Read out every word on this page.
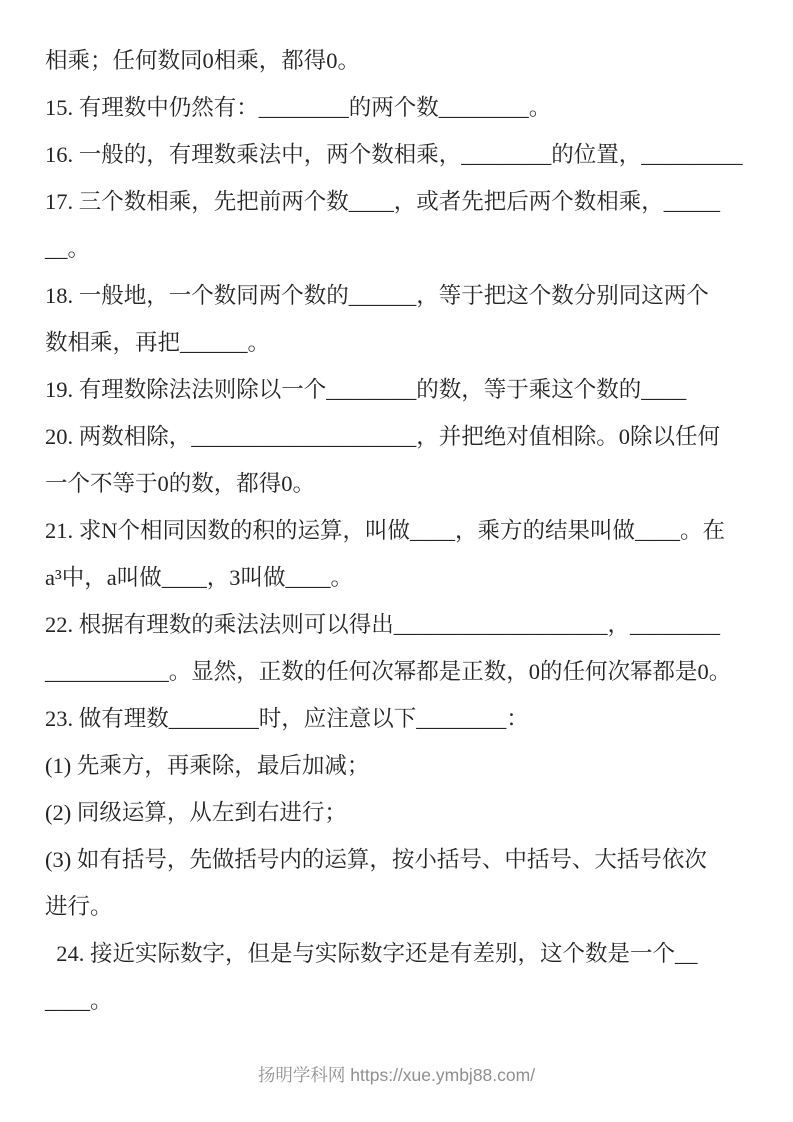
相乘；任何数同0相乘，都得0。
15. 有理数中仍然有：________的两个数________。
16. 一般的，有理数乘法中，两个数相乘，________的位置，_________
17. 三个数相乘，先把前两个数____，或者先把后两个数相乘，_____
__。
18. 一般地，一个数同两个数的______，等于把这个数分别同这两个
数相乘，再把______。
19. 有理数除法法则除以一个________的数，等于乘这个数的____
20. 两数相除，____________________，并把绝对值相除。0除以任何
一个不等于0的数，都得0。
21. 求N个相同因数的积的运算，叫做____，乘方的结果叫做____。在
a³中，a叫做____，3叫做____。
22. 根据有理数的乘法法则可以得出___________________，________
___________。显然，正数的任何次幂都是正数，0的任何次幂都是0。
23. 做有理数________时，应注意以下________：
(1) 先乘方，再乘除，最后加减；
(2) 同级运算，从左到右进行；
(3) 如有括号，先做括号内的运算，按小括号、中括号、大括号依次
进行。
24. 接近实际数字，但是与实际数字还是有差别，这个数是一个__
____。
扬明学科网 https://xue.ymbj88.com/
